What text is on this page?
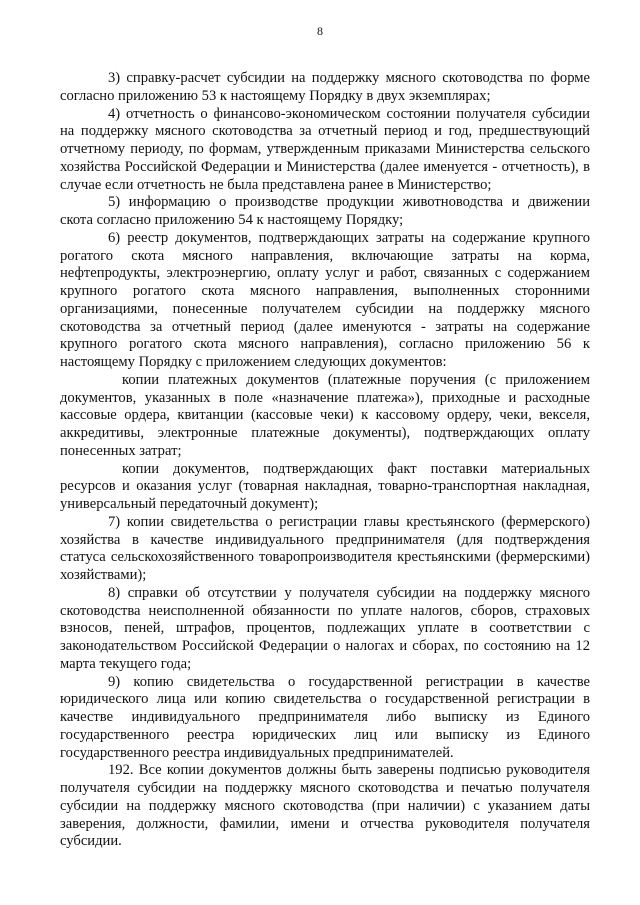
8

3) справку-расчет субсидии на поддержку мясного скотоводства по форме согласно приложению 53 к настоящему Порядку в двух экземплярах;

4) отчетность о финансово-экономическом состоянии получателя субсидии на поддержку мясного скотоводства за отчетный период и год, предшествующий отчетному периоду, по формам, утвержденным приказами Министерства сельского хозяйства Российской Федерации и Министерства (далее именуется - отчетность), в случае если отчетность не была представлена ранее в Министерство;

5) информацию о производстве продукции животноводства и движении скота согласно приложению 54 к настоящему Порядку;

6) реестр документов, подтверждающих затраты на содержание крупного рогатого скота мясного направления, включающие затраты на корма, нефтепродукты, электроэнергию, оплату услуг и работ, связанных с содержанием крупного рогатого скота мясного направления, выполненных сторонними организациями, понесенные получателем субсидии на поддержку мясного скотоводства за отчетный период (далее именуются - затраты на содержание крупного рогатого скота мясного направления), согласно приложению 56 к настоящему Порядку с приложением следующих документов:

копии платежных документов (платежные поручения (с приложением документов, указанных в поле «назначение платежа»), приходные и расходные кассовые ордера, квитанции (кассовые чеки) к кассовому ордеру, чеки, векселя, аккредитивы, электронные платежные документы), подтверждающих оплату понесенных затрат;

копии документов, подтверждающих факт поставки материальных ресурсов и оказания услуг (товарная накладная, товарно-транспортная накладная, универсальный передаточный документ);

7) копии свидетельства о регистрации главы крестьянского (фермерского) хозяйства в качестве индивидуального предпринимателя (для подтверждения статуса сельскохозяйственного товаропроизводителя крестьянскими (фермерскими) хозяйствами);

8) справки об отсутствии у получателя субсидии на поддержку мясного скотоводства неисполненной обязанности по уплате налогов, сборов, страховых взносов, пеней, штрафов, процентов, подлежащих уплате в соответствии с законодательством Российской Федерации о налогах и сборах, по состоянию на 12 марта текущего года;

9) копию свидетельства о государственной регистрации в качестве юридического лица или копию свидетельства о государственной регистрации в качестве индивидуального предпринимателя либо выписку из Единого государственного реестра юридических лиц или выписку из Единого государственного реестра индивидуальных предпринимателей.

192. Все копии документов должны быть заверены подписью руководителя получателя субсидии на поддержку мясного скотоводства и печатью получателя субсидии на поддержку мясного скотоводства (при наличии) с указанием даты заверения, должности, фамилии, имени и отчества руководителя получателя субсидии.
